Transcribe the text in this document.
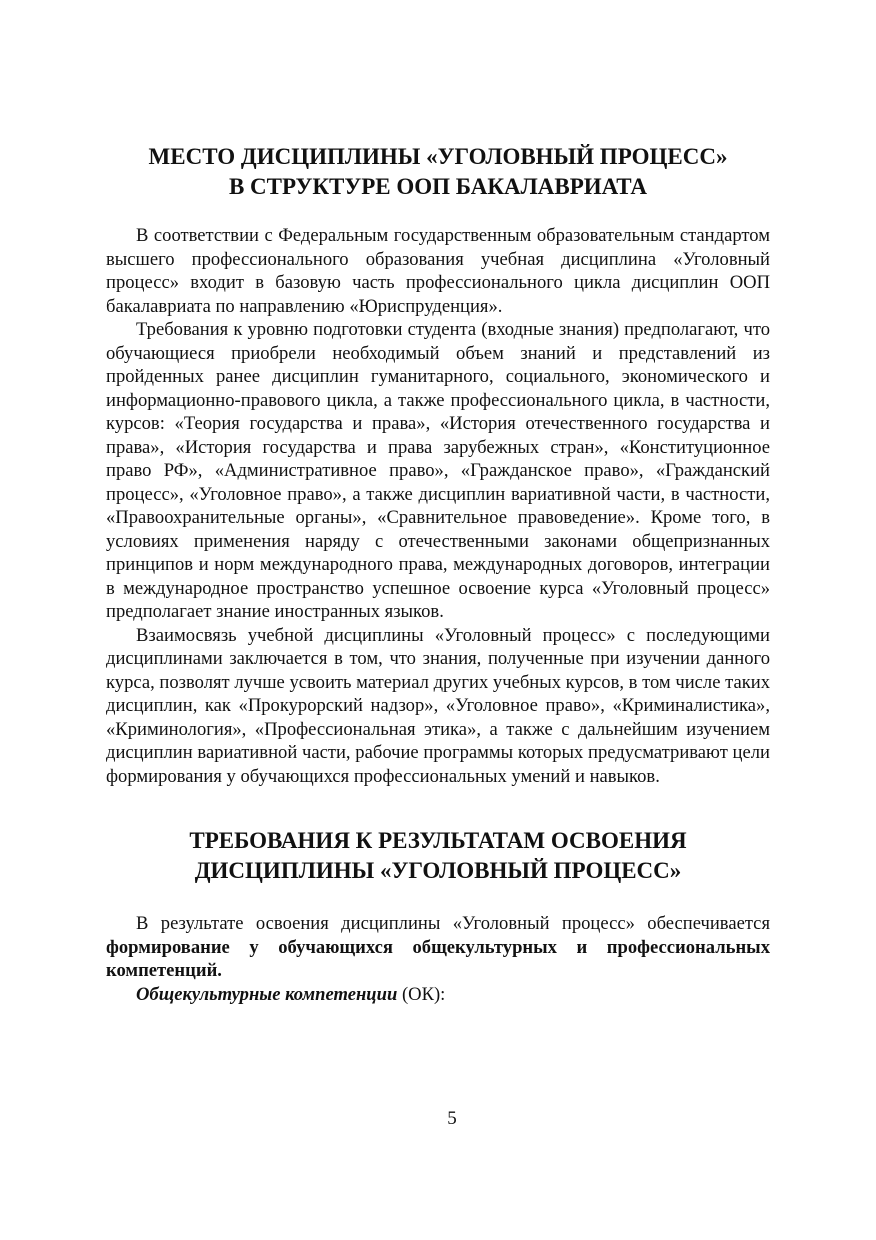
МЕСТО ДИСЦИПЛИНЫ «УГОЛОВНЫЙ ПРОЦЕСС»
В СТРУКТУРЕ ООП БАКАЛАВРИАТА

В соответствии с Федеральным государственным образовательным стандартом высшего профессионального образования учебная дисциплина «Уголовный процесс» входит в базовую часть профессионального цикла дисциплин ООП бакалавриата по направлению «Юриспруденция».

Требования к уровню подготовки студента (входные знания) предполагают, что обучающиеся приобрели необходимый объем знаний и представлений из пройденных ранее дисциплин гуманитарного, социального, экономического и информационно-правового цикла, а также профессионального цикла, в частности, курсов: «Теория государства и права», «История отечественного государства и права», «История государства и права зарубежных стран», «Конституционное право РФ», «Административное право», «Гражданское право», «Гражданский процесс», «Уголовное право», а также дисциплин вариативной части, в частности, «Правоохранительные органы», «Сравнительное правоведение». Кроме того, в условиях применения наряду с отечественными законами общепризнанных принципов и норм международного права, международных договоров, интеграции в международное пространство успешное освоение курса «Уголовный процесс» предполагает знание иностранных языков.

Взаимосвязь учебной дисциплины «Уголовный процесс» с последующими дисциплинами заключается в том, что знания, полученные при изучении данного курса, позволят лучше усвоить материал других учебных курсов, в том числе таких дисциплин, как «Прокурорский надзор», «Уголовное право», «Криминалистика», «Криминология», «Профессиональная этика», а также с дальнейшим изучением дисциплин вариативной части, рабочие программы которых предусматривают цели формирования у обучающихся профессиональных умений и навыков.

ТРЕБОВАНИЯ К РЕЗУЛЬТАТАМ ОСВОЕНИЯ
ДИСЦИПЛИНЫ «УГОЛОВНЫЙ ПРОЦЕСС»

В результате освоения дисциплины «Уголовный процесс» обеспечивается формирование у обучающихся общекультурных и профессиональных компетенций.

Общекультурные компетенции (ОК):

5
